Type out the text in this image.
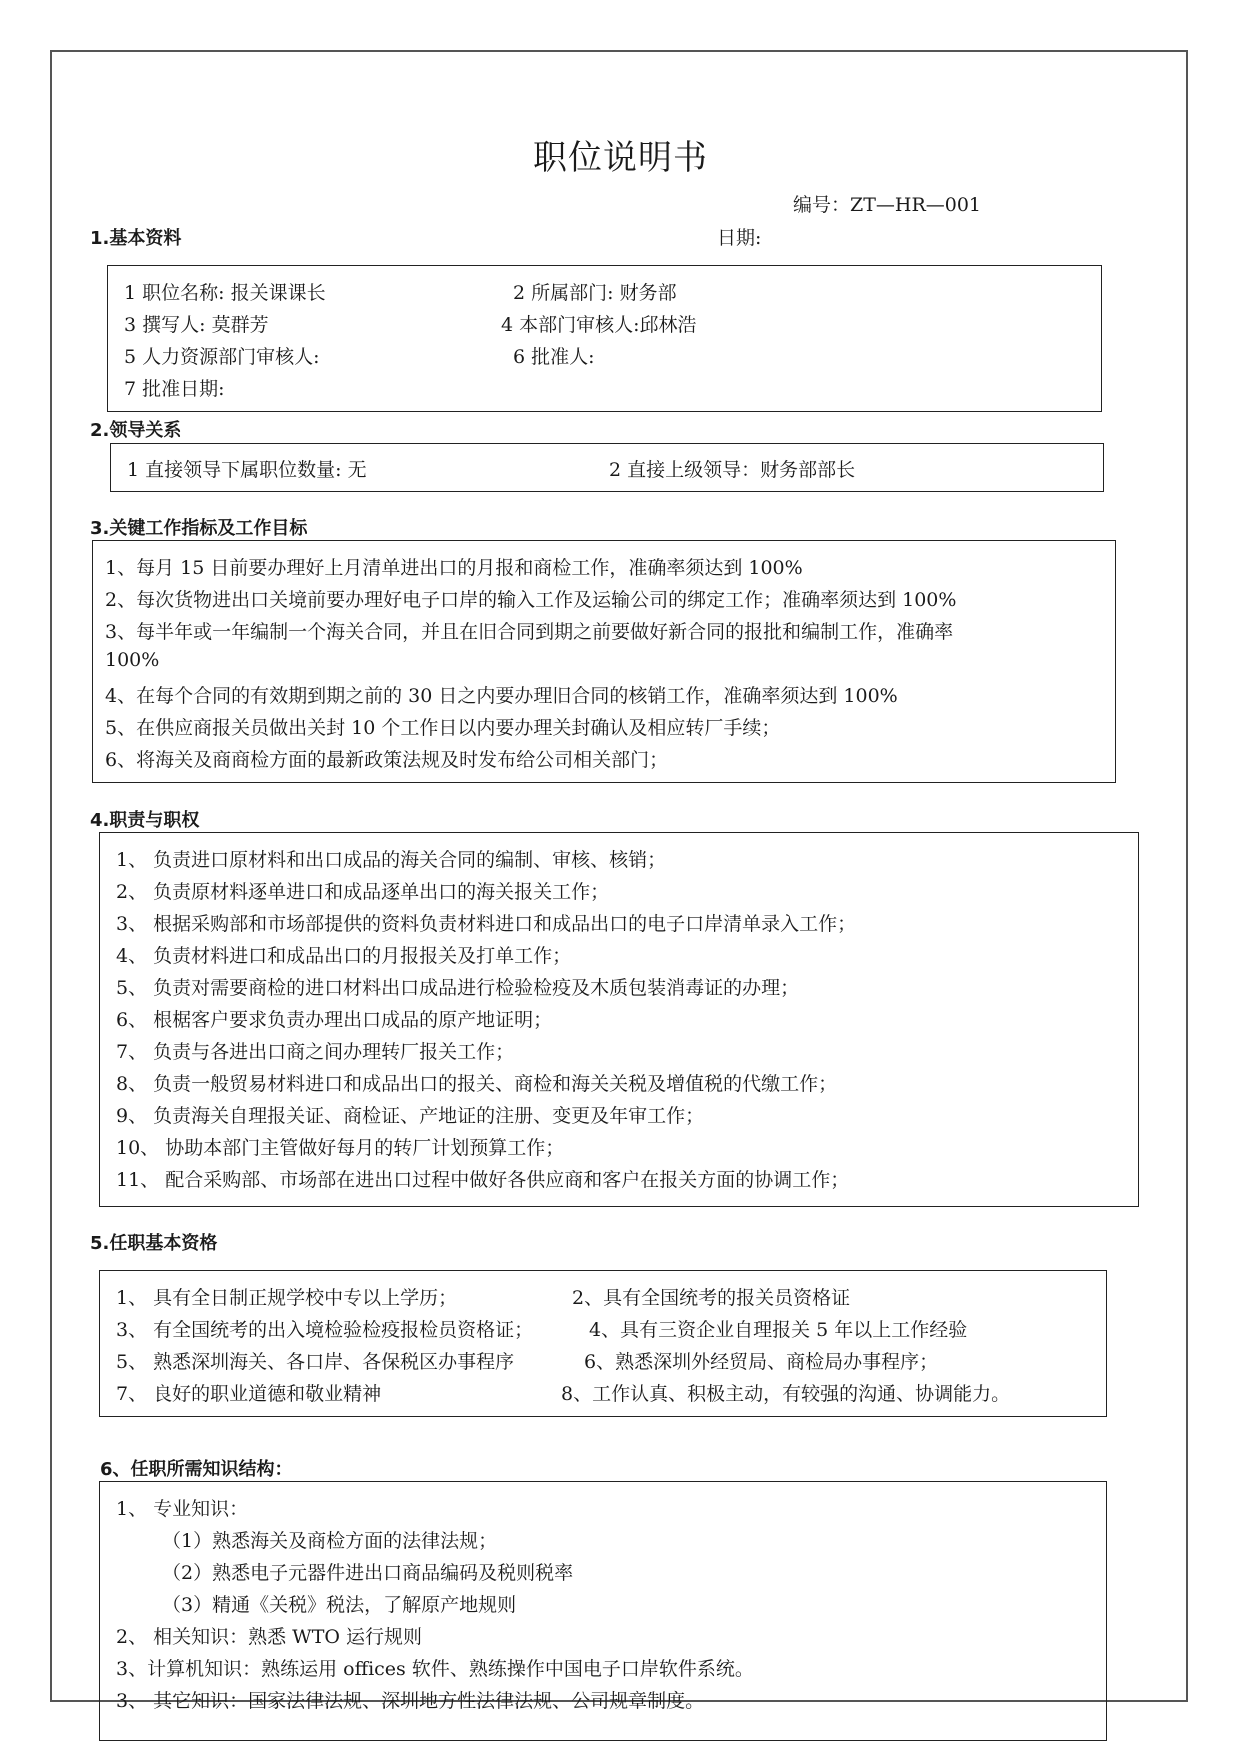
职位说明书
编号：ZT—HR—001
1.基本资料	日期:
1 职位名称: 报关课课长	2 所属部门: 财务部
3 撰写人: 莫群芳	4 本部门审核人:邱林浩
5 人力资源部门审核人:	6 批准人:
7 批准日期:
2.领导关系
1 直接领导下属职位数量: 无	2 直接上级领导：财务部部长
3.关键工作指标及工作目标
1、每月 15 日前要办理好上月清单进出口的月报和商检工作，准确率须达到 100%
2、每次货物进出口关境前要办理好电子口岸的输入工作及运输公司的绑定工作；准确率须达到 100%
3、每半年或一年编制一个海关合同，并且在旧合同到期之前要做好新合同的报批和编制工作，准确率
100%
4、在每个合同的有效期到期之前的 30 日之内要办理旧合同的核销工作，准确率须达到 100%
5、在供应商报关员做出关封 10 个工作日以内要办理关封确认及相应转厂手续；
6、将海关及商商检方面的最新政策法规及时发布给公司相关部门；
4.职责与职权
1、 负责进口原材料和出口成品的海关合同的编制、审核、核销；
2、 负责原材料逐单进口和成品逐单出口的海关报关工作；
3、 根据采购部和市场部提供的资料负责材料进口和成品出口的电子口岸清单录入工作；
4、 负责材料进口和成品出口的月报报关及打单工作；
5、 负责对需要商检的进口材料出口成品进行检验检疫及木质包装消毒证的办理；
6、 根椐客户要求负责办理出口成品的原产地证明；
7、 负责与各进出口商之间办理转厂报关工作；
8、 负责一般贸易材料进口和成品出口的报关、商检和海关关税及增值税的代缴工作；
9、 负责海关自理报关证、商检证、产地证的注册、变更及年审工作；
10、 协助本部门主管做好每月的转厂计划预算工作；
11、 配合采购部、市场部在进出口过程中做好各供应商和客户在报关方面的协调工作；
5.任职基本资格
1、 具有全日制正规学校中专以上学历；	2、具有全国统考的报关员资格证
3、 有全国统考的出入境检验检疫报检员资格证；	4、具有三资企业自理报关 5 年以上工作经验
5、 熟悉深圳海关、各口岸、各保税区办事程序	6、熟悉深圳外经贸局、商检局办事程序；
7、 良好的职业道德和敬业精神	8、工作认真、积极主动，有较强的沟通、协调能力。
6、任职所需知识结构：
1、 专业知识：
（1）熟悉海关及商检方面的法律法规；
（2）熟悉电子元器件进出口商品编码及税则税率
（3）精通《关税》税法，了解原产地规则
2、 相关知识：熟悉 WTO 运行规则
3、计算机知识：熟练运用 offices 软件、熟练操作中国电子口岸软件系统。
3、 其它知识：国家法律法规、深圳地方性法律法规、公司规章制度。
